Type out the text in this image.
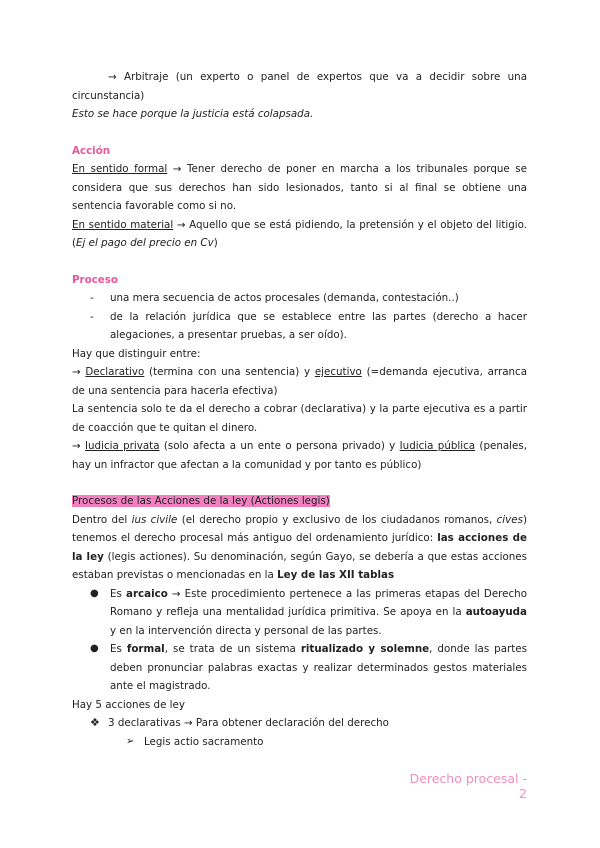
→ Arbitraje (un experto o panel de expertos que va a decidir sobre una circunstancia)

Esto se hace porque la justicia está colapsada.

Acción

En sentido formal → Tener derecho de poner en marcha a los tribunales porque se considera que sus derechos han sido lesionados, tanto si al final se obtiene una sentencia favorable como si no.

En sentido material → Aquello que se está pidiendo, la pretensión y el objeto del litigio. (Ej el pago del precio en Cv)

Proceso

- una mera secuencia de actos procesales (demanda, contestación..)
- de la relación jurídica que se establece entre las partes (derecho a hacer alegaciones, a presentar pruebas, a ser oído).

Hay que distinguir entre:

→ Declarativo (termina con una sentencia) y ejecutivo (=demanda ejecutiva, arranca de una sentencia para hacerla efectiva)

La sentencia solo te da el derecho a cobrar (declarativa) y la parte ejecutiva es a partir de coacción que te quitan el dinero.

→ Iudicia privata (solo afecta a un ente o persona privado) y Iudicia pública (penales, hay un infractor que afectan a la comunidad y por tanto es público)

Procesos de las Acciones de la ley (Actiones legis)

Dentro del ius civile (el derecho propio y exclusivo de los ciudadanos romanos, cives) tenemos el derecho procesal más antiguo del ordenamiento jurídico: las acciones de la ley (legis actiones). Su denominación, según Gayo, se debería a que estas acciones estaban previstas o mencionadas en la Ley de las XII tablas

● Es arcaico → Este procedimiento pertenece a las primeras etapas del Derecho Romano y refleja una mentalidad jurídica primitiva. Se apoya en la autoayuda y en la intervención directa y personal de las partes.
● Es formal, se trata de un sistema ritualizado y solemne, donde las partes deben pronunciar palabras exactas y realizar determinados gestos materiales ante el magistrado.

Hay 5 acciones de ley

❖ 3 declarativas → Para obtener declaración del derecho
➢ Legis actio sacramento
Derecho procesal - 2
